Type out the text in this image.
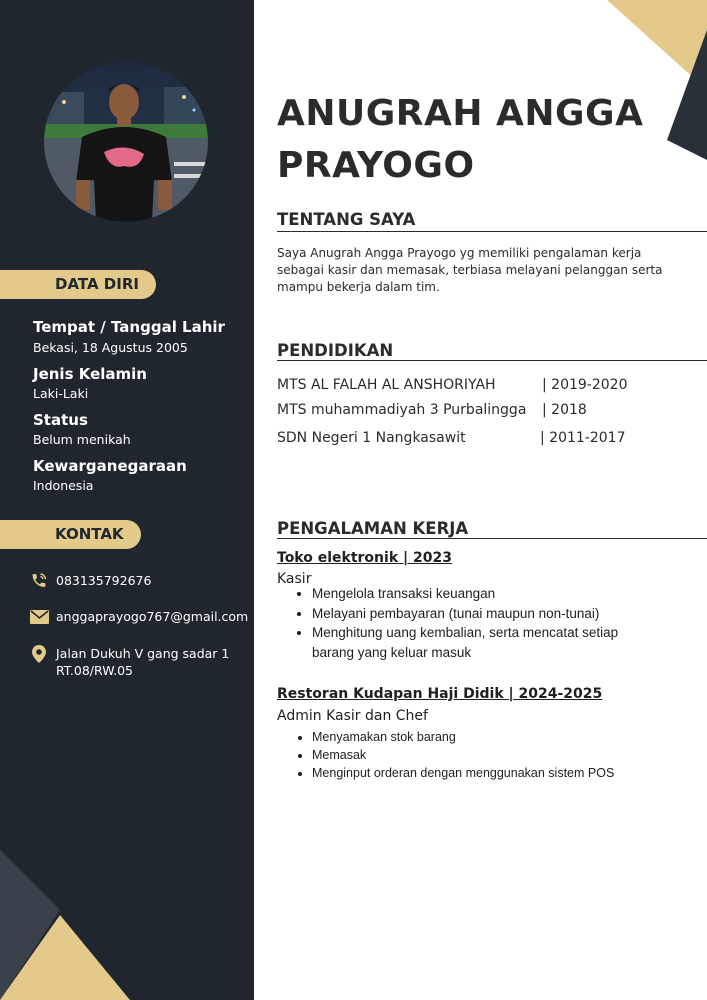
DATA DIRI
Tempat / Tanggal Lahir
Bekasi, 18 Agustus 2005
Jenis Kelamin
Laki-Laki
Status
Belum menikah
Kewarganegaraan
Indonesia
KONTAK
083135792676
anggaprayogo767@gmail.com
Jalan Dukuh V gang sadar 1
RT.08/RW.05
ANUGRAH ANGGA
PRAYOGO
TENTANG SAYA
Saya Anugrah Angga Prayogo yg memiliki pengalaman kerja sebagai kasir dan memasak, terbiasa melayani pelanggan serta mampu bekerja dalam tim.
PENDIDIKAN
MTS AL FALAH AL ANSHORIYAH	| 2019-2020
MTS muhammadiyah 3 Purbalingga | 2018
SDN Negeri 1 Nangkasawit	| 2011-2017
PENGALAMAN KERJA
Toko elektronik | 2023
Kasir
• Mengelola transaksi keuangan
• Melayani pembayaran (tunai maupun non-tunai)
• Menghitung uang kembalian, serta mencatat setiap barang yang keluar masuk
Restoran Kudapan Haji Didik | 2024-2025
Admin Kasir dan Chef
• Menyamakan stok barang
• Memasak
• Menginput orderan dengan menggunakan sistem POS
